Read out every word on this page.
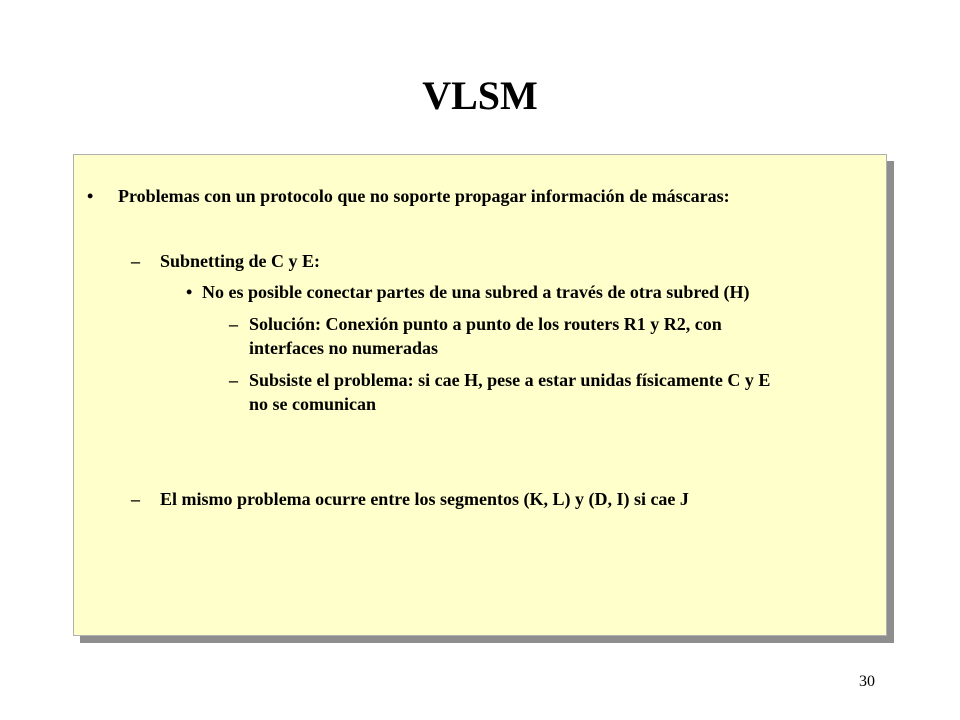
VLSM
• Problemas con un protocolo que no soporte propagar información de máscaras:
– Subnetting de C y E:
• No es posible conectar partes de una subred a través de otra subred (H)
– Solución: Conexión punto a punto de los routers R1 y R2, con
interfaces no numeradas
– Subsiste el problema: si cae H, pese a estar unidas físicamente C y E
no se comunican
– El mismo problema ocurre entre los segmentos (K, L) y (D, I) si cae J
30
